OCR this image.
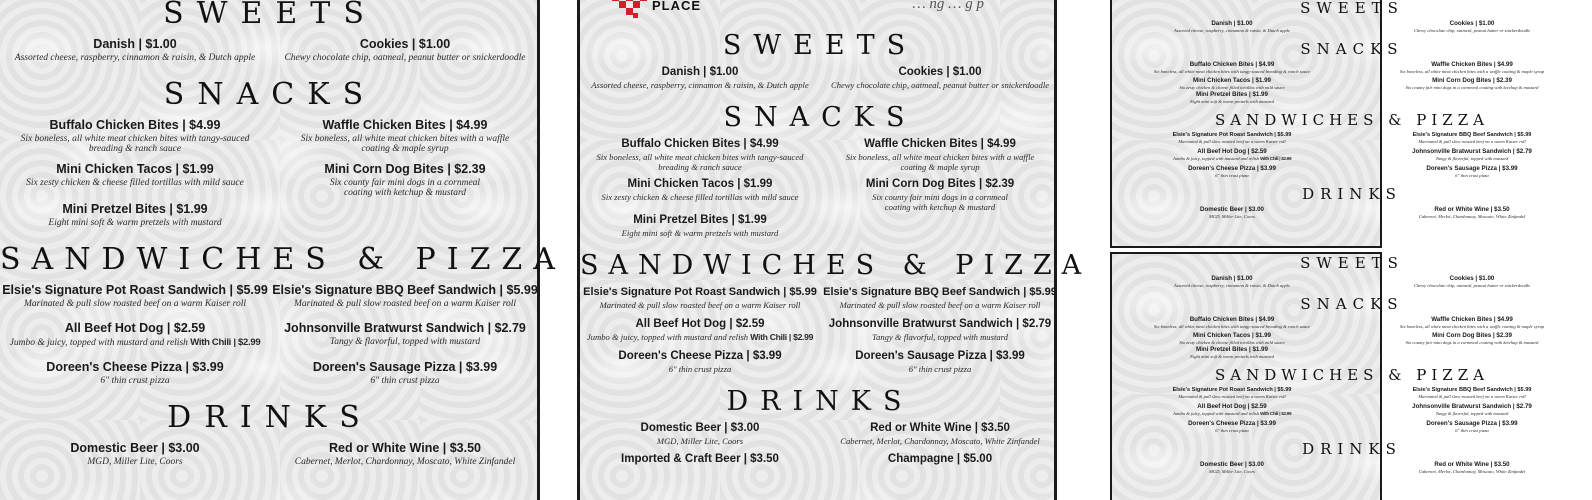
SWEETS
Danish | $1.00
Assorted cheese, raspberry, cinnamon & raisin, & Dutch apple
Cookies | $1.00
Chewy chocolate chip, oatmeal, peanut butter or snickerdoodle
SNACKS
Buffalo Chicken Bites | $4.99
Six boneless, all white meat chicken bites with tangy-sauced breading & ranch sauce
Waffle Chicken Bites | $4.99
Six boneless, all white meat chicken bites with a waffle coating & maple syrup
Mini Chicken Tacos | $1.99
Six zesty chicken & cheese filled tortillas with mild sauce
Mini Corn Dog Bites | $2.39
Six county fair mini dogs in a cornmeal coating with ketchup & mustard
Mini Pretzel Bites | $1.99
Eight mini soft & warm pretzels with mustard
SANDWICHES & PIZZA
Elsie's Signature Pot Roast Sandwich | $5.99
Marinated & pull slow roasted beef on a warm Kaiser roll
Elsie's Signature BBQ Beef Sandwich | $5.99
Marinated & pull slow roasted beef on a warm Kaiser roll
All Beef Hot Dog | $2.59
Jumbo & juicy, topped with mustard and relish With Chili | $2.99
Johnsonville Bratwurst Sandwich | $2.79
Tangy & flavorful, topped with mustard
Doreen's Cheese Pizza | $3.99
6" thin crust pizza
Doreen's Sausage Pizza | $3.99
6" thin crust pizza
DRINKS
Domestic Beer | $3.00
MGD, Miller Lite, Coors
Red or White Wine | $3.50
Cabernet, Merlot, Chardonnay, Moscato, White Zinfandel
PLACE	… ng … g p
SWEETS
Danish | $1.00
Assorted cheese, raspberry, cinnamon & raisin, & Dutch apple
Cookies | $1.00
Chewy chocolate chip, oatmeal, peanut butter or snickerdoodle
SNACKS
Buffalo Chicken Bites | $4.99
Six boneless, all white meat chicken bites with tangy-sauced breading & ranch sauce
Waffle Chicken Bites | $4.99
Six boneless, all white meat chicken bites with a waffle coating & maple syrup
Mini Chicken Tacos | $1.99
Six zesty chicken & cheese filled tortillas with mild sauce
Mini Corn Dog Bites | $2.39
Six county fair mini dogs in a cornmeal coating with ketchup & mustard
Mini Pretzel Bites | $1.99
Eight mini soft & warm pretzels with mustard
SANDWICHES & PIZZA
Elsie's Signature Pot Roast Sandwich | $5.99
Marinated & pull slow roasted beef on a warm Kaiser roll
Elsie's Signature BBQ Beef Sandwich | $5.99
Marinated & pull slow roasted beef on a warm Kaiser roll
All Beef Hot Dog | $2.59
Jumbo & juicy, topped with mustard and relish With Chili | $2.99
Johnsonville Bratwurst Sandwich | $2.79
Tangy & flavorful, topped with mustard
Doreen's Cheese Pizza | $3.99
6" thin crust pizza
Doreen's Sausage Pizza | $3.99
6" thin crust pizza
DRINKS
Domestic Beer | $3.00
MGD, Miller Lite, Coors
Red or White Wine | $3.50
Cabernet, Merlot, Chardonnay, Moscato, White Zinfandel
Imported & Craft Beer | $3.50	Champagne | $5.00
SWEETS
Danish | $1.00
Assorted cheese, raspberry, cinnamon & raisin, & Dutch apple
Cookies | $1.00
Chewy chocolate chip, oatmeal, peanut butter or snickerdoodle
SNACKS
Buffalo Chicken Bites | $4.99
Six boneless, all white meat chicken bites with tangy-sauced breading & ranch sauce
Waffle Chicken Bites | $4.99
Six boneless, all white meat chicken bites with a waffle coating & maple syrup
Mini Chicken Tacos | $1.99
Six zesty chicken & cheese filled tortillas with mild sauce
Mini Corn Dog Bites | $2.39
Six county fair mini dogs in a cornmeal coating with ketchup & mustard
Mini Pretzel Bites | $1.99
Eight mini soft & warm pretzels with mustard
SANDWICHES & PIZZA
Elsie's Signature Pot Roast Sandwich | $5.99
Marinated & pull slow roasted beef on a warm Kaiser roll
Elsie's Signature BBQ Beef Sandwich | $5.99
Marinated & pull slow roasted beef on a warm Kaiser roll
All Beef Hot Dog | $2.59
Jumbo & juicy, topped with mustard and relish With Chili | $2.99
Johnsonville Bratwurst Sandwich | $2.79
Tangy & flavorful, topped with mustard
Doreen's Cheese Pizza | $3.99
6" thin crust pizza
Doreen's Sausage Pizza | $3.99
6" thin crust pizza
DRINKS
Domestic Beer | $3.00
MGD, Miller Lite, Coors
Red or White Wine | $3.50
Cabernet, Merlot, Chardonnay, Moscato, White Zinfandel
SWEETS
Danish | $1.00
Assorted cheese, raspberry, cinnamon & raisin, & Dutch apple
Cookies | $1.00
Chewy chocolate chip, oatmeal, peanut butter or snickerdoodle
SNACKS
Buffalo Chicken Bites | $4.99
Six boneless, all white meat chicken bites with tangy-sauced breading & ranch sauce
Waffle Chicken Bites | $4.99
Six boneless, all white meat chicken bites with a waffle coating & maple syrup
Mini Chicken Tacos | $1.99
Six zesty chicken & cheese filled tortillas with mild sauce
Mini Corn Dog Bites | $2.39
Six county fair mini dogs in a cornmeal coating with ketchup & mustard
Mini Pretzel Bites | $1.99
Eight mini soft & warm pretzels with mustard
SANDWICHES & PIZZA
Elsie's Signature Pot Roast Sandwich | $5.99
Marinated & pull slow roasted beef on a warm Kaiser roll
Elsie's Signature BBQ Beef Sandwich | $5.99
Marinated & pull slow roasted beef on a warm Kaiser roll
All Beef Hot Dog | $2.59
Jumbo & juicy, topped with mustard and relish With Chili | $2.99
Johnsonville Bratwurst Sandwich | $2.79
Tangy & flavorful, topped with mustard
Doreen's Cheese Pizza | $3.99
6" thin crust pizza
Doreen's Sausage Pizza | $3.99
6" thin crust pizza
DRINKS
Domestic Beer | $3.00
MGD, Miller Lite, Coors
Red or White Wine | $3.50
Cabernet, Merlot, Chardonnay, Moscato, White Zinfandel
